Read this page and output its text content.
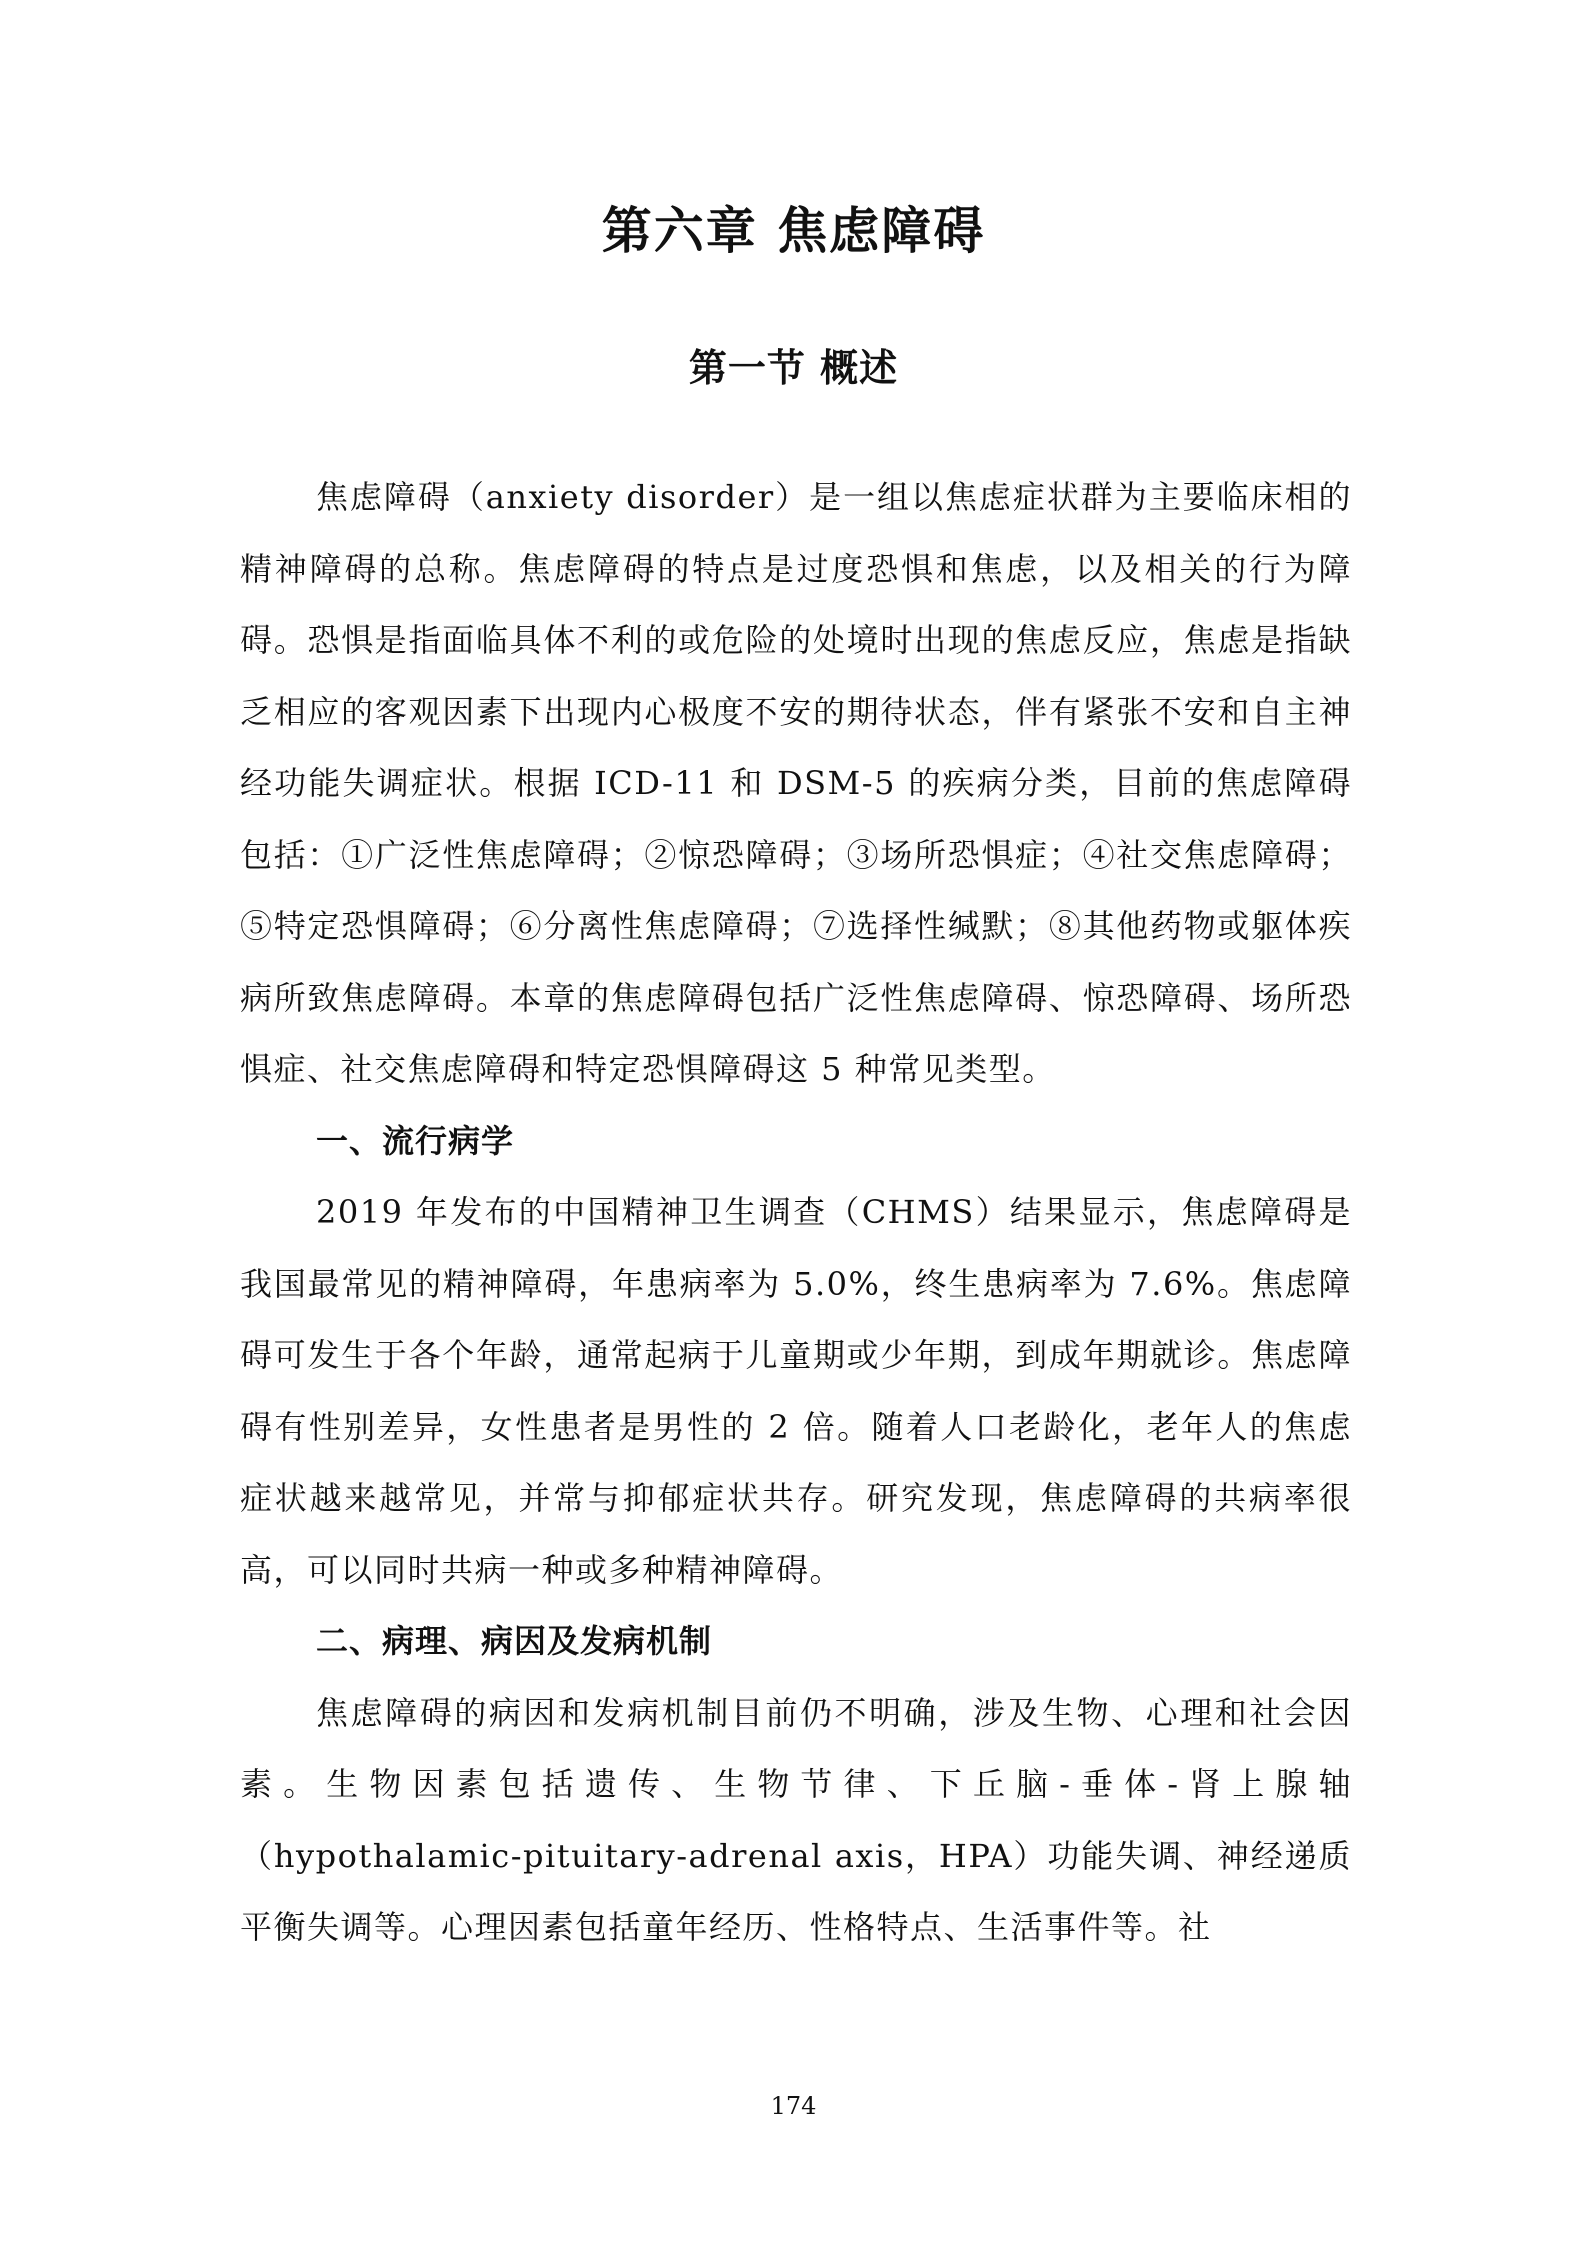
第六章 焦虑障碍
第一节 概述

焦虑障碍（anxiety disorder）是一组以焦虑症状群为主要临床相的精神障碍的总称。焦虑障碍的特点是过度恐惧和焦虑，以及相关的行为障碍。恐惧是指面临具体不利的或危险的处境时出现的焦虑反应，焦虑是指缺乏相应的客观因素下出现内心极度不安的期待状态，伴有紧张不安和自主神经功能失调症状。根据 ICD-11 和 DSM-5 的疾病分类，目前的焦虑障碍包括：①广泛性焦虑障碍；②惊恐障碍；③场所恐惧症；④社交焦虑障碍；⑤特定恐惧障碍；⑥分离性焦虑障碍；⑦选择性缄默；⑧其他药物或躯体疾病所致焦虑障碍。本章的焦虑障碍包括广泛性焦虑障碍、惊恐障碍、场所恐惧症、社交焦虑障碍和特定恐惧障碍这 5 种常见类型。

一、流行病学

2019 年发布的中国精神卫生调查（CHMS）结果显示，焦虑障碍是我国最常见的精神障碍，年患病率为 5.0%，终生患病率为 7.6%。焦虑障碍可发生于各个年龄，通常起病于儿童期或少年期，到成年期就诊。焦虑障碍有性别差异，女性患者是男性的 2 倍。随着人口老龄化，老年人的焦虑症状越来越常见，并常与抑郁症状共存。研究发现，焦虑障碍的共病率很高，可以同时共病一种或多种精神障碍。

二、病理、病因及发病机制

焦虑障碍的病因和发病机制目前仍不明确，涉及生物、心理和社会因素。生物因素包括遗传、生物节律、下丘脑-垂体-肾上腺轴（hypothalamic-pituitary-adrenal axis，HPA）功能失调、神经递质平衡失调等。心理因素包括童年经历、性格特点、生活事件等。社

174
